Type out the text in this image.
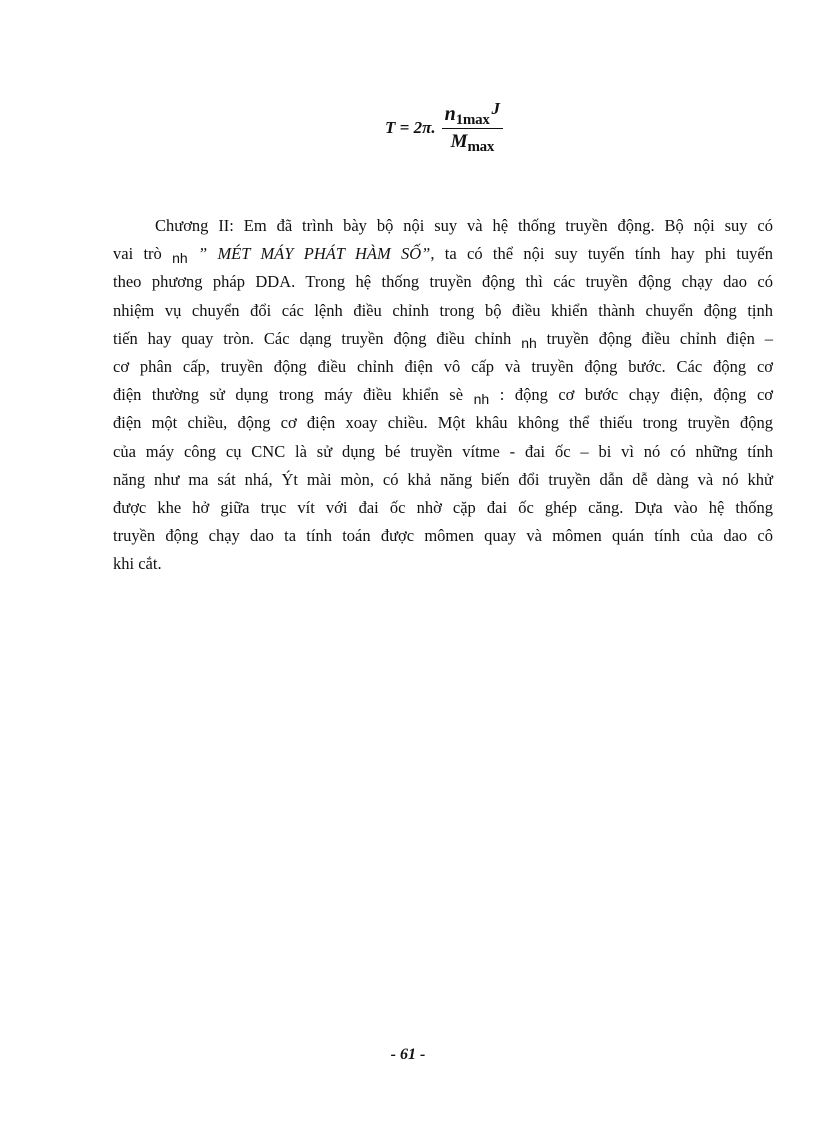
T = 2π. $\frac{n1\max J}{Mmax}$
Chương II: Em đã trình bày bộ nội suy và hệ thống truyền động. Bộ nội suy có
vai trò $_{nh}$ ” MÉT MÁY PHÁT HÀM SỐ”, ta có thể nội suy tuyến tính hay phi tuyến
theo phương pháp DDA. Trong hệ thống truyền động thì các truyền động chạy dao có
nhiệm vụ chuyển đổi các lệnh điều chỉnh trong bộ điều khiển thành chuyển động tịnh
tiến hay quay tròn. Các dạng truyền động điều chỉnh $_{nh}$ truyền động điều chỉnh điện –
cơ phân cấp, truyền động điều chỉnh điện vô cấp và truyền động bước. Các động cơ
điện thường sử dụng trong máy điều khiển sè $_{nh}$ : động cơ bước chạy điện, động cơ
điện một chiều, động cơ điện xoay chiều. Một khâu không thể thiếu trong truyền động
của máy công cụ CNC là sử dụng bé truyền vítme - đai ốc – bi vì nó có những tính
năng như ma sát nhá, Ýt mài mòn, có khả năng biến đổi truyền dẫn dễ dàng và nó khử
được khe hở giữa trục vít với đai ốc nhờ cặp đai ốc ghép căng. Dựa vào hệ thống
truyền động chạy dao ta tính toán được mômen quay và mômen quán tính của dao cô
khi cắt.
- 61 -
